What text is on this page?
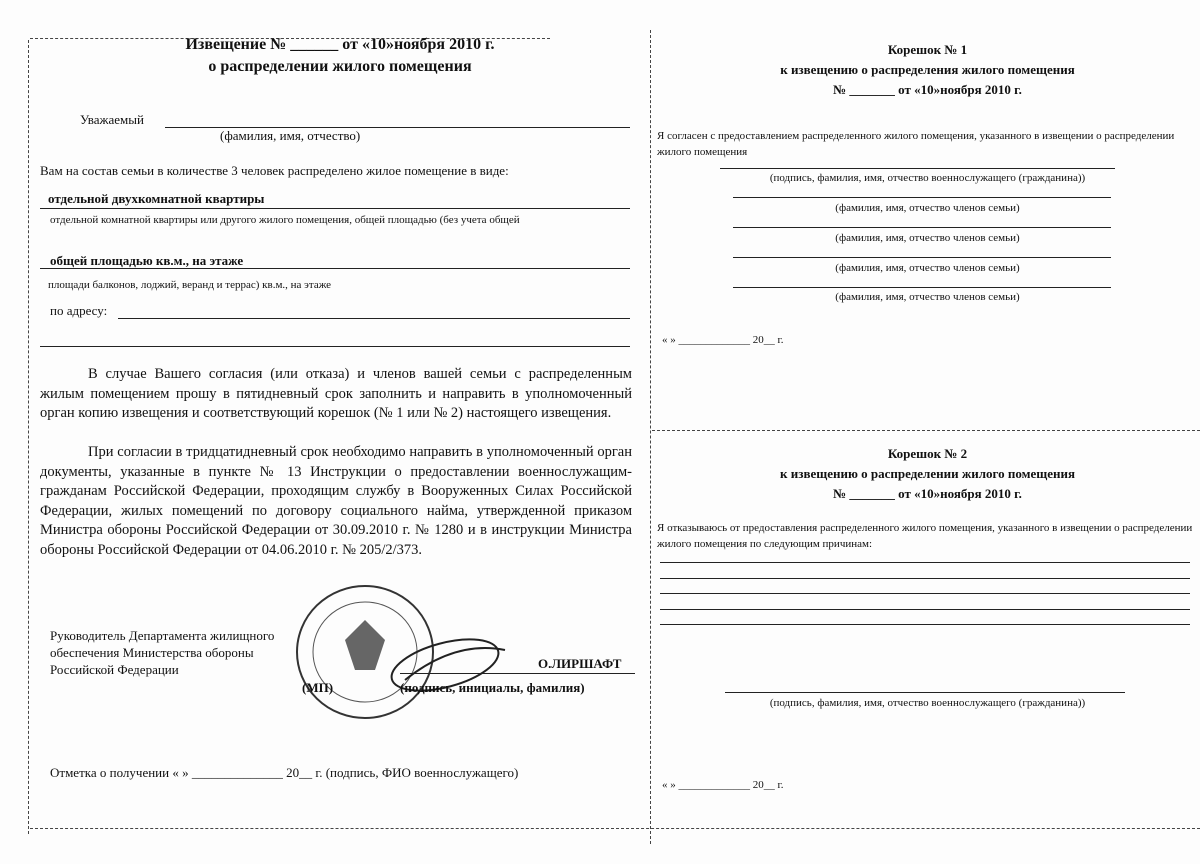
Извещение № ______ от «10»ноября 2010 г.
о распределении жилого помещения
Уважаемый
(фамилия, имя, отчество)
Вам на состав семьи в количестве 3 человек распределено жилое помещение в виде:
отдельной двухкомнатной квартиры
отдельной комнатной квартиры или другого жилого помещения, общей площадью (без учета общей
общей площадью кв.м., на этаже
площади балконов, лоджий, веранд и террас) кв.м., на этаже
по адресу:
В случае Вашего согласия (или отказа) и членов вашей семьи с распределенным жилым помещением прошу в пятидневный срок заполнить и направить в уполномоченный орган копию извещения и соответствующий корешок (№ 1 или № 2) настоящего извещения.
При согласии в тридцатидневный срок необходимо направить в уполномоченный орган документы, указанные в пункте № 13 Инструкции о предоставлении военнослужащим-гражданам Российской Федерации, проходящим службу в Вооруженных Силах Российской Федерации, жилых помещений по договору социального найма, утвержденной приказом Министра обороны Российской Федерации от 30.09.2010 г. № 1280 и в инструкции Министра обороны Российской Федерации от 04.06.2010 г. № 205/2/373.
Руководитель Департамента жилищного
обеспечения Министерства обороны
Российской Федерации	О.ЛИРШАФТ
(МП)	(подпись, инициалы, фамилия)
Отметка о получении « » ______________ 20__ г. (подпись, ФИО военнослужащего)
Корешок № 1
к извещению о распределения жилого помещения
№ _______ от «10»ноября 2010 г.
Я согласен с предоставлением распределенного жилого помещения, указанного в извещении о распределении жилого помещения
(подпись, фамилия, имя, отчество военнослужащего (гражданина))
(фамилия, имя, отчество членов семьи)
(фамилия, имя, отчество членов семьи)
(фамилия, имя, отчество членов семьи)
(фамилия, имя, отчество членов семьи)
« » _____________ 20__ г.
Корешок № 2
к извещению о распределении жилого помещения
№ _______ от «10»ноября 2010 г.
Я отказываюсь от предоставления распределенного жилого помещения, указанного в извещении о распределении жилого помещения по следующим причинам:
(подпись, фамилия, имя, отчество военнослужащего (гражданина))
« » _____________ 20__ г.
